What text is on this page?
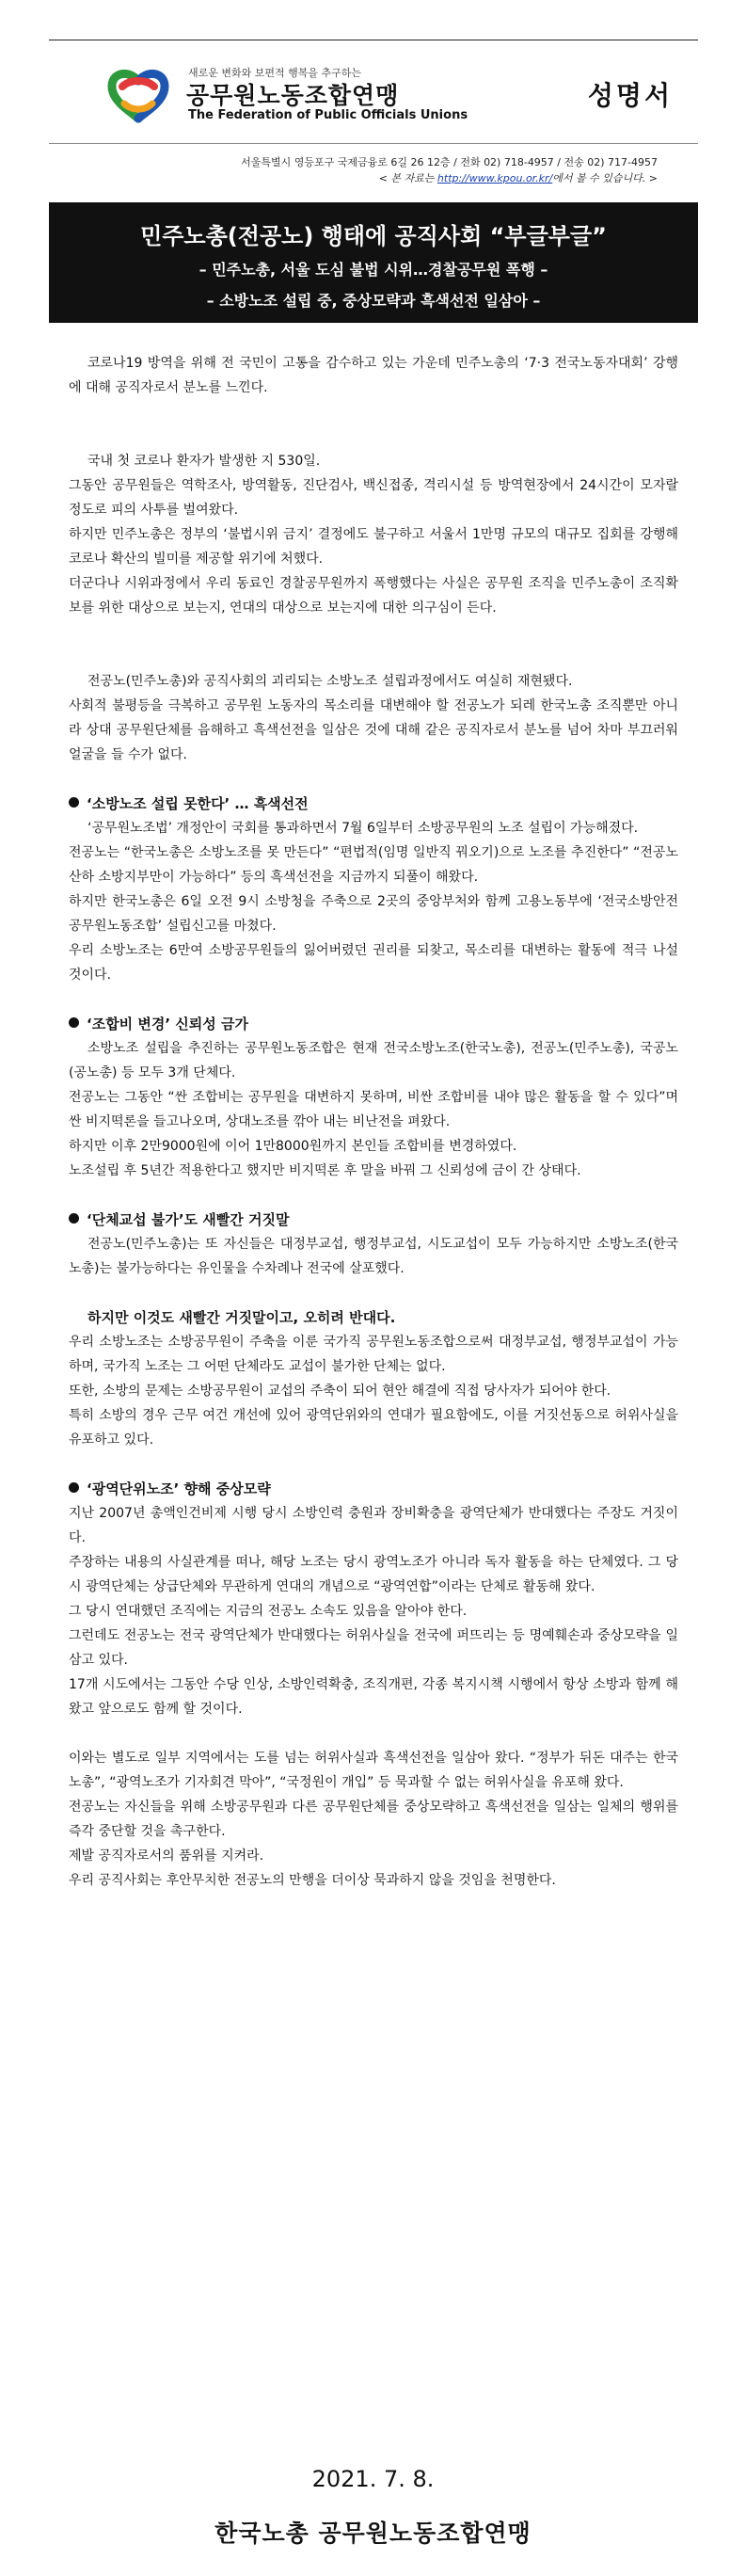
새로운 변화와 보편적 행복을 추구하는
공무원노동조합연맹
The Federation of Public Officials Unions
성명서
서울특별시 영등포구 국제금융로 6길 26 12층 / 전화 02) 718-4957 / 전송 02) 717-4957
< 본 자료는 http://www.kpou.or.kr/에서 볼 수 있습니다. >
민주노총(전공노) 행태에 공직사회 “부글부글”
– 민주노총, 서울 도심 불법 시위…경찰공무원 폭행 –
– 소방노조 설립 중, 중상모략과 흑색선전 일삼아 –

코로나19 방역을 위해 전 국민이 고통을 감수하고 있는 가운데 민주노총의 ‘7·3 전국노동자대회’ 강행에 대해 공직자로서 분노를 느낀다.

국내 첫 코로나 환자가 발생한 지 530일.

그동안 공무원들은 역학조사, 방역활동, 진단검사, 백신접종, 격리시설 등 방역현장에서 24시간이 모자랄 정도로 피의 사투를 벌여왔다.

하지만 민주노총은 정부의 ‘불법시위 금지’ 결정에도 불구하고 서울서 1만명 규모의 대규모 집회를 강행해 코로나 확산의 빌미를 제공할 위기에 처했다.

더군다나 시위과정에서 우리 동료인 경찰공무원까지 폭행했다는 사실은 공무원 조직을 민주노총이 조직확보를 위한 대상으로 보는지, 연대의 대상으로 보는지에 대한 의구심이 든다.

전공노(민주노총)와 공직사회의 괴리되는 소방노조 설립과정에서도 여실히 재현됐다.

사회적 불평등을 극복하고 공무원 노동자의 목소리를 대변해야 할 전공노가 되레 한국노총 조직뿐만 아니라 상대 공무원단체를 음해하고 흑색선전을 일삼은 것에 대해 같은 공직자로서 분노를 넘어 차마 부끄러워 얼굴을 들 수가 없다.

‘소방노조 설립 못한다’ … 흑색선전

‘공무원노조법’ 개정안이 국회를 통과하면서 7월 6일부터 소방공무원의 노조 설립이 가능해졌다.

전공노는 “한국노총은 소방노조를 못 만든다” “편법적(임명 일반직 꿔오기)으로 노조를 추진한다” “전공노 산하 소방지부만이 가능하다” 등의 흑색선전을 지금까지 되풀이 해왔다.

하지만 한국노총은 6일 오전 9시 소방청을 주축으로 2곳의 중앙부처와 함께 고용노동부에 ‘전국소방안전공무원노동조합’ 설립신고를 마쳤다.

우리 소방노조는 6만여 소방공무원들의 잃어버렸던 권리를 되찾고, 목소리를 대변하는 활동에 적극 나설 것이다.

‘조합비 변경’ 신뢰성 금가

소방노조 설립을 추진하는 공무원노동조합은 현재 전국소방노조(한국노총), 전공노(민주노총), 국공노(공노총) 등 모두 3개 단체다.

전공노는 그동안 “싼 조합비는 공무원을 대변하지 못하며, 비싼 조합비를 내야 많은 활동을 할 수 있다”며 싼 비지떡론을 들고나오며, 상대노조를 깎아 내는 비난전을 펴왔다.

하지만 이후 2만9000원에 이어 1만8000원까지 본인들 조합비를 변경하였다.

노조설립 후 5년간 적용한다고 했지만 비지떡론 후 말을 바꿔 그 신뢰성에 금이 간 상태다.

‘단체교섭 불가’도 새빨간 거짓말

전공노(민주노총)는 또 자신들은 대정부교섭, 행정부교섭, 시도교섭이 모두 가능하지만 소방노조(한국노총)는 불가능하다는 유인물을 수차례나 전국에 살포했다.

하지만 이것도 새빨간 거짓말이고, 오히려 반대다.

우리 소방노조는 소방공무원이 주축을 이룬 국가직 공무원노동조합으로써 대정부교섭, 행정부교섭이 가능하며, 국가직 노조는 그 어떤 단체라도 교섭이 불가한 단체는 없다.

또한, 소방의 문제는 소방공무원이 교섭의 주축이 되어 현안 해결에 직접 당사자가 되어야 한다.

특히 소방의 경우 근무 여건 개선에 있어 광역단위와의 연대가 필요함에도, 이를 거짓선동으로 허위사실을 유포하고 있다.

‘광역단위노조’ 향해 중상모략

지난 2007년 총액인건비제 시행 당시 소방인력 충원과 장비확충을 광역단체가 반대했다는 주장도 거짓이다.

주장하는 내용의 사실관계를 떠나, 해당 노조는 당시 광역노조가 아니라 독자 활동을 하는 단체였다. 그 당시 광역단체는 상급단체와 무관하게 연대의 개념으로 “광역연합”이라는 단체로 활동해 왔다.

그 당시 연대했던 조직에는 지금의 전공노 소속도 있음을 알아야 한다.

그런데도 전공노는 전국 광역단체가 반대했다는 허위사실을 전국에 퍼뜨리는 등 명예훼손과 중상모략을 일삼고 있다.

17개 시도에서는 그동안 수당 인상, 소방인력확충, 조직개편, 각종 복지시책 시행에서 항상 소방과 함께 해왔고 앞으로도 함께 할 것이다.

이와는 별도로 일부 지역에서는 도를 넘는 허위사실과 흑색선전을 일삼아 왔다. “정부가 뒤돈 대주는 한국노총”, “광역노조가 기자회견 막아”, “국정원이 개입” 등 묵과할 수 없는 허위사실을 유포해 왔다.

전공노는 자신들을 위해 소방공무원과 다른 공무원단체를 중상모략하고 흑색선전을 일삼는 일체의 행위를 즉각 중단할 것을 촉구한다.

제발 공직자로서의 품위를 지켜라.

우리 공직사회는 후안무치한 전공노의 만행을 더이상 묵과하지 않을 것임을 천명한다.

2021. 7. 8.
한국노총 공무원노동조합연맹
